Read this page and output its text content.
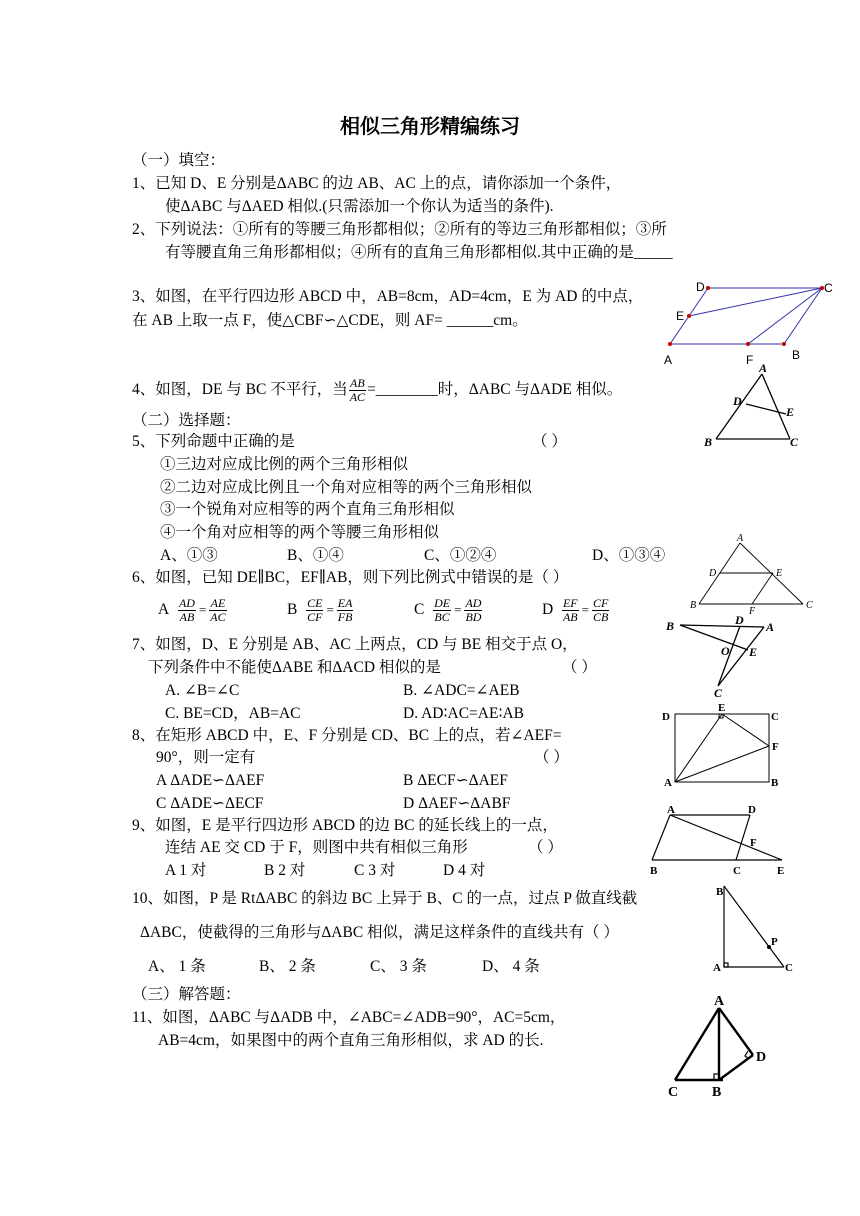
相似三角形精编练习
（一）填空：
1、已知 D、E 分别是ΔABC 的边 AB、AC 上的点，请你添加一个条件，
使ΔABC 与ΔAED 相似.(只需添加一个你认为适当的条件).
2、下列说法：①所有的等腰三角形都相似；②所有的等边三角形都相似；③所
有等腰直角三角形都相似；④所有的直角三角形都相似.其中正确的是_____
3、如图，在平行四边形 ABCD 中，AB=8cm，AD=4cm，E 为 AD 的中点，
在 AB 上取一点 F，使△CBF∽△CDE，则 AF= ______cm。
4、如图，DE 与 BC 不平行，当 $\frac{AB}{AC}$ =________时，ΔABC 与ΔADE 相似。
（二）选择题：
5、下列命题中正确的是	（ ）
①三边对应成比例的两个三角形相似
②二边对应成比例且一个角对应相等的两个三角形相似
③一个锐角对应相等的两个直角三角形相似
④一个角对应相等的两个等腰三角形相似
A、①③	B、①④	C、①②④	D、①③④
6、如图，已知 DE∥BC，EF∥AB，则下列比例式中错误的是（ ）
A $\frac{AD}{AB} = \frac{AE}{AC}$	B $\frac{CE}{CF} = \frac{EA}{FB}$	C $\frac{DE}{BC} = \frac{AD}{BD}$	D $\frac{EF}{AB} = \frac{CF}{CB}$
7、如图，D、E 分别是 AB、AC 上两点，CD 与 BE 相交于点 O，
下列条件中不能使ΔABE 和ΔACD 相似的是	（ ）
A. ∠B=∠C	B. ∠ADC=∠AEB
C. BE=CD，AB=AC	D. AD∶AC=AE∶AB
8、在矩形 ABCD 中，E、F 分别是 CD、BC 上的点，若∠AEF=
90°，则一定有	（ ）
A ΔADE∽ΔAEF	B ΔECF∽ΔAEF
C ΔADE∽ΔECF	D ΔAEF∽ΔABF
9、如图，E 是平行四边形 ABCD 的边 BC 的延长线上的一点，
连结 AE 交 CD 于 F，则图中共有相似三角形	（ ）
A 1 对	B 2 对	C 3 对	D 4 对
10、如图，P 是 RtΔABC 的斜边 BC 上异于 B、C 的一点，过点 P 做直线截
ΔABC，使截得的三角形与ΔABC 相似，满足这样条件的直线共有（ ）
A、 1 条	B、 2 条	C、 3 条	D、 4 条
（三）解答题：
11、如图，ΔABC 与ΔADB 中，∠ABC=∠ADB=90°，AC=5cm，
AB=4cm，如果图中的两个直角三角形相似，求 AD 的长.
D	C
E
A	F	B
A
D
E
B	C
A
D	E
B
F
C
B	D A
O E
C
D
E
C
F
A	B
A	D
F
B	C	E
B
P
A	C
A
D
C B
